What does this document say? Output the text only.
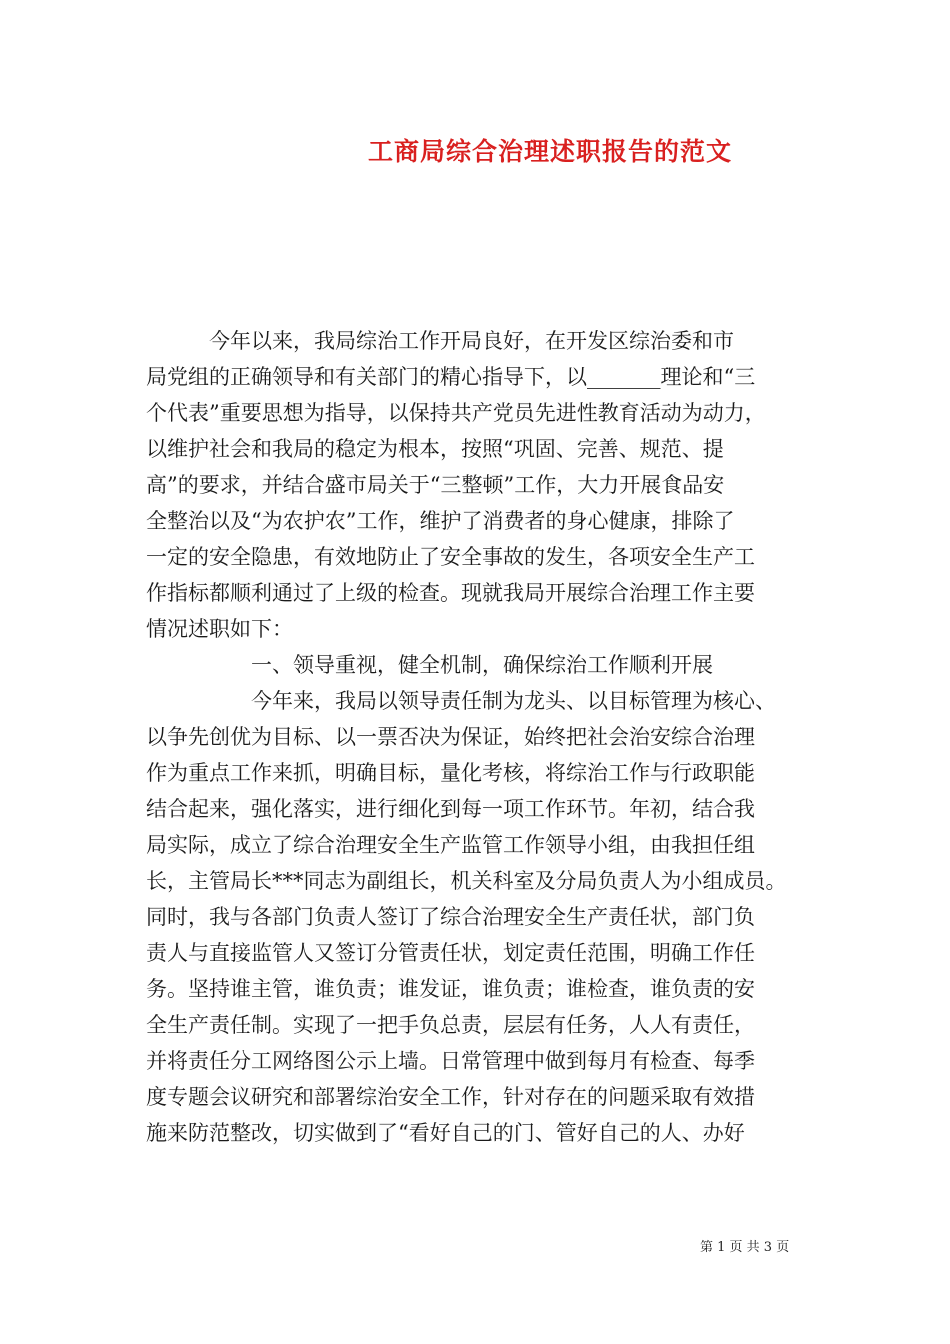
工商局综合治理述职报告的范文
　　　今年以来，我局综治工作开局良好，在开发区综治委和市
局党组的正确领导和有关部门的精心指导下，以_______理论和“三
个代表”重要思想为指导，以保持共产党员先进性教育活动为动力，
以维护社会和我局的稳定为根本，按照“巩固、完善、规范、提
高”的要求，并结合盛市局关于“三整顿”工作，大力开展食品安
全整治以及“为农护农”工作，维护了消费者的身心健康，排除了
一定的安全隐患，有效地防止了安全事故的发生，各项安全生产工
作指标都顺利通过了上级的检查。现就我局开展综合治理工作主要
情况述职如下：
　　　　　一、领导重视，健全机制，确保综治工作顺利开展
　　　　　今年来，我局以领导责任制为龙头、以目标管理为核心、
以争先创优为目标、以一票否决为保证，始终把社会治安综合治理
作为重点工作来抓，明确目标，量化考核，将综治工作与行政职能
结合起来，强化落实，进行细化到每一项工作环节。年初，结合我
局实际，成立了综合治理安全生产监管工作领导小组，由我担任组
长，主管局长***同志为副组长，机关科室及分局负责人为小组成员。
同时，我与各部门负责人签订了综合治理安全生产责任状，部门负
责人与直接监管人又签订分管责任状，划定责任范围，明确工作任
务。坚持谁主管，谁负责；谁发证，谁负责；谁检查，谁负责的安
全生产责任制。实现了一把手负总责，层层有任务，人人有责任，
并将责任分工网络图公示上墙。日常管理中做到每月有检查、每季
度专题会议研究和部署综治安全工作，针对存在的问题采取有效措
施来防范整改，切实做到了“看好自己的门、管好自己的人、办好
第 1 页 共 3 页
